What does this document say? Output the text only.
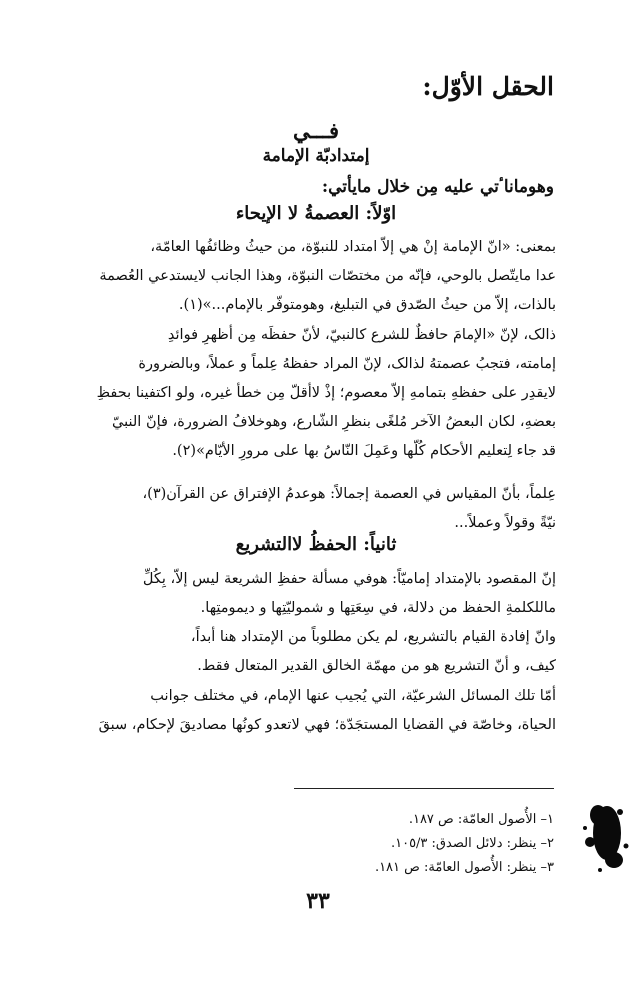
الحقل الأوّل:
فـــي
إمتدادبّة الإمامة
وهوماناٴتي عليه مِن خلال مايأتي:
اوّلاً: العصمةُ لا الإيحاء
بمعنى: «انّ الإمامة إنْ هي إلاّ امتداد للنبوّة، من حيثُ وظائفُها العامّة،
عدا مايتّصل بالوحي، فإنّه من مختصّات النبوّة، وهذا الجانب لايستدعي العُصمة
بالذات، إلاّ من حيثُ الصّدق في التبليغ، وهومتوفّر بالإمام...»(١).
ذالک، لإنّ «الإمامَ حافظٌ للشرع كالنبيّ، لأنّ حفظَه مِن أظهرِ فوائدِ
إمامته، فتجبُ عصمتهُ لذالک، لإنّ المراد حفظهُ عِلماً و عملاً، وبالضرورة
لايقدِر على حفظهِ بتمامهِ إلاّ معصوم؛ إذْ لاأقلّ مِن خطأ غيره، ولو اكتفينا بحفظِ
بعضهِ، لكان البعضُ الآخر مُلغًى بنظرِ الشّارع، وهوخلافُ الضرورة، فإنّ النبيّ
قد جاء لِتعليم الأحكام كُلّها وعَمِلَ النّاسُ بها على مرورِ الأيّام»(٢).
عِلماً، بأنّ المقياس في العصمة إجمالاً: هوعدمُ الإفتراق عن القرآن(٣)،
نيّةً وقولاً وعملاً...
ثانياً: الحفظُ لاالتشريع
إنّ المقصود بالإمتداد إماميّاً: هوفي مسألة حفظِ الشريعة ليس إلاّ، بِكُلِّ
ماللكلمةِ الحفظ من دلالة، في سِعَتِها و شموليّتِها و ديمومتِها.
وانّ إفادة القيام بالتشريع، لم يكن مطلوباً من الإمتداد هنا أبداً،
كيف، و أنّ التشريع هو من مهمّة الخالق القدير المتعال فقط.
أمّا تلك المسائل الشرعيّة، التي يُجيب عنها الإمام، في مختلف جوانب
الحياة، وخاصّة في القضايا المستجَدّة؛ فهي لاتعدو كونُها مصاديقَ لإحكام، سبقَ
١– الأُصول العامّة: ص ١٨٧.
٢– ينظر: دلائل الصدق: ١٠٥/٣.
٣– ينظر: الأُصول العامّة: ص ١٨١.
٣٣
